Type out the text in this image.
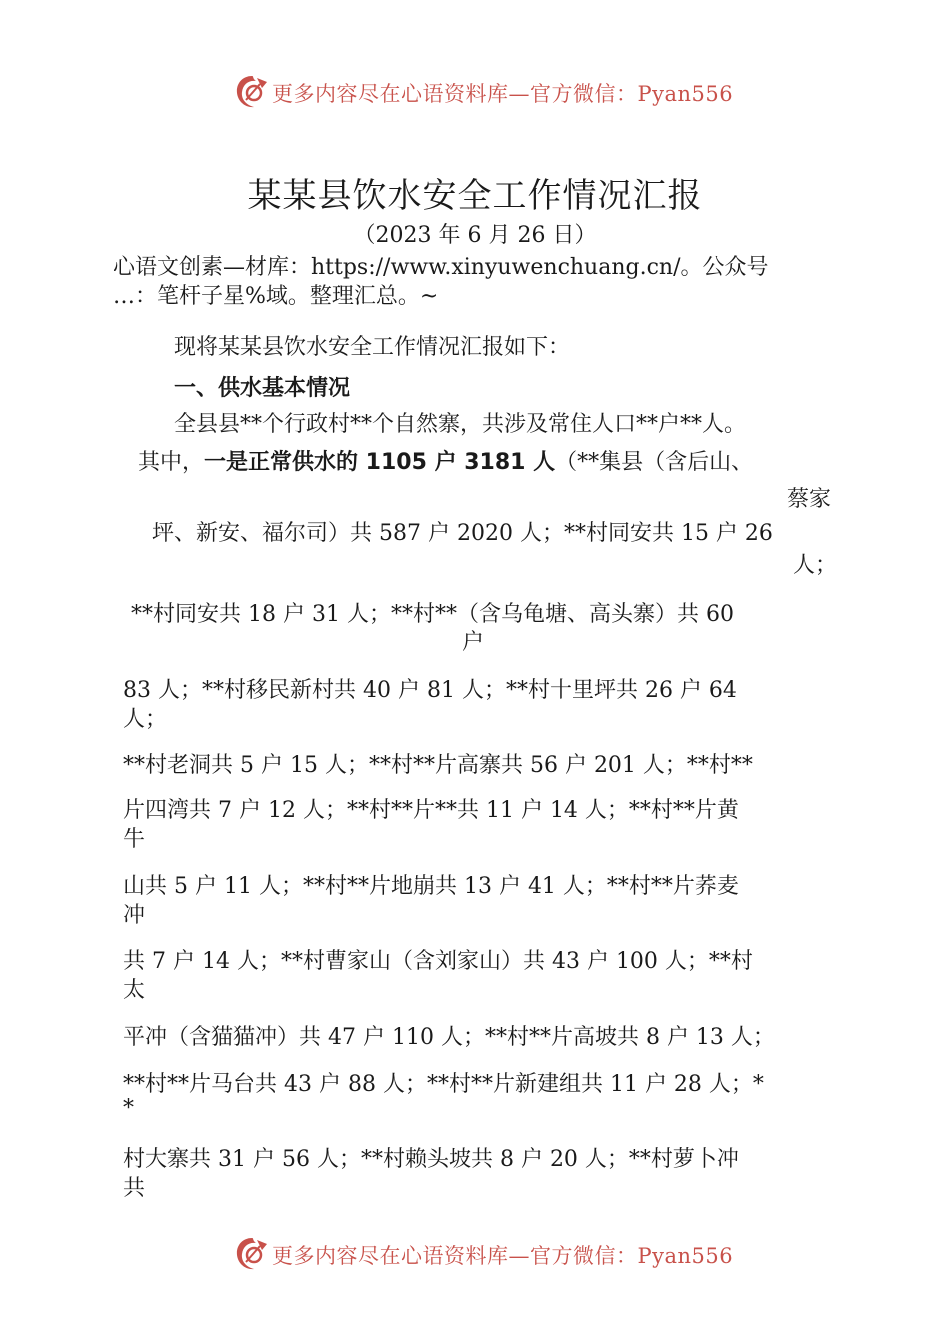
更多内容尽在心语资料库—官方微信：Pyan556
某某县饮水安全工作情况汇报
（2023 年 6 月 26 日）
心语文创素—材库：https://www.xinyuwenchuang.cn/。公众号
…：笔杆子星%域。整理汇总。~
现将某某县饮水安全工作情况汇报如下：
一、供水基本情况
全县县**个行政村**个自然寨，共涉及常住人口**户**人。
其中，一是正常供水的 1105 户 3181 人（**集县（含后山、
蔡家
坪、新安、福尔司）共 587 户 2020 人；**村同安共 15 户 26
人；
**村同安共 18 户 31 人；**村**（含乌龟塘、高头寨）共 60
户
83 人；**村移民新村共 40 户 81 人；**村十里坪共 26 户 64
人；
**村老洞共 5 户 15 人；**村**片高寨共 56 户 201 人；**村**
片四湾共 7 户 12 人；**村**片**共 11 户 14 人；**村**片黄
牛
山共 5 户 11 人；**村**片地崩共 13 户 41 人；**村**片荞麦
冲
共 7 户 14 人；**村曹家山（含刘家山）共 43 户 100 人；**村
太
平冲（含猫猫冲）共 47 户 110 人；**村**片高坡共 8 户 13 人；
**村**片马台共 43 户 88 人；**村**片新建组共 11 户 28 人；*
*
村大寨共 31 户 56 人；**村赖头坡共 8 户 20 人；**村萝卜冲
共
更多内容尽在心语资料库—官方微信：Pyan556
